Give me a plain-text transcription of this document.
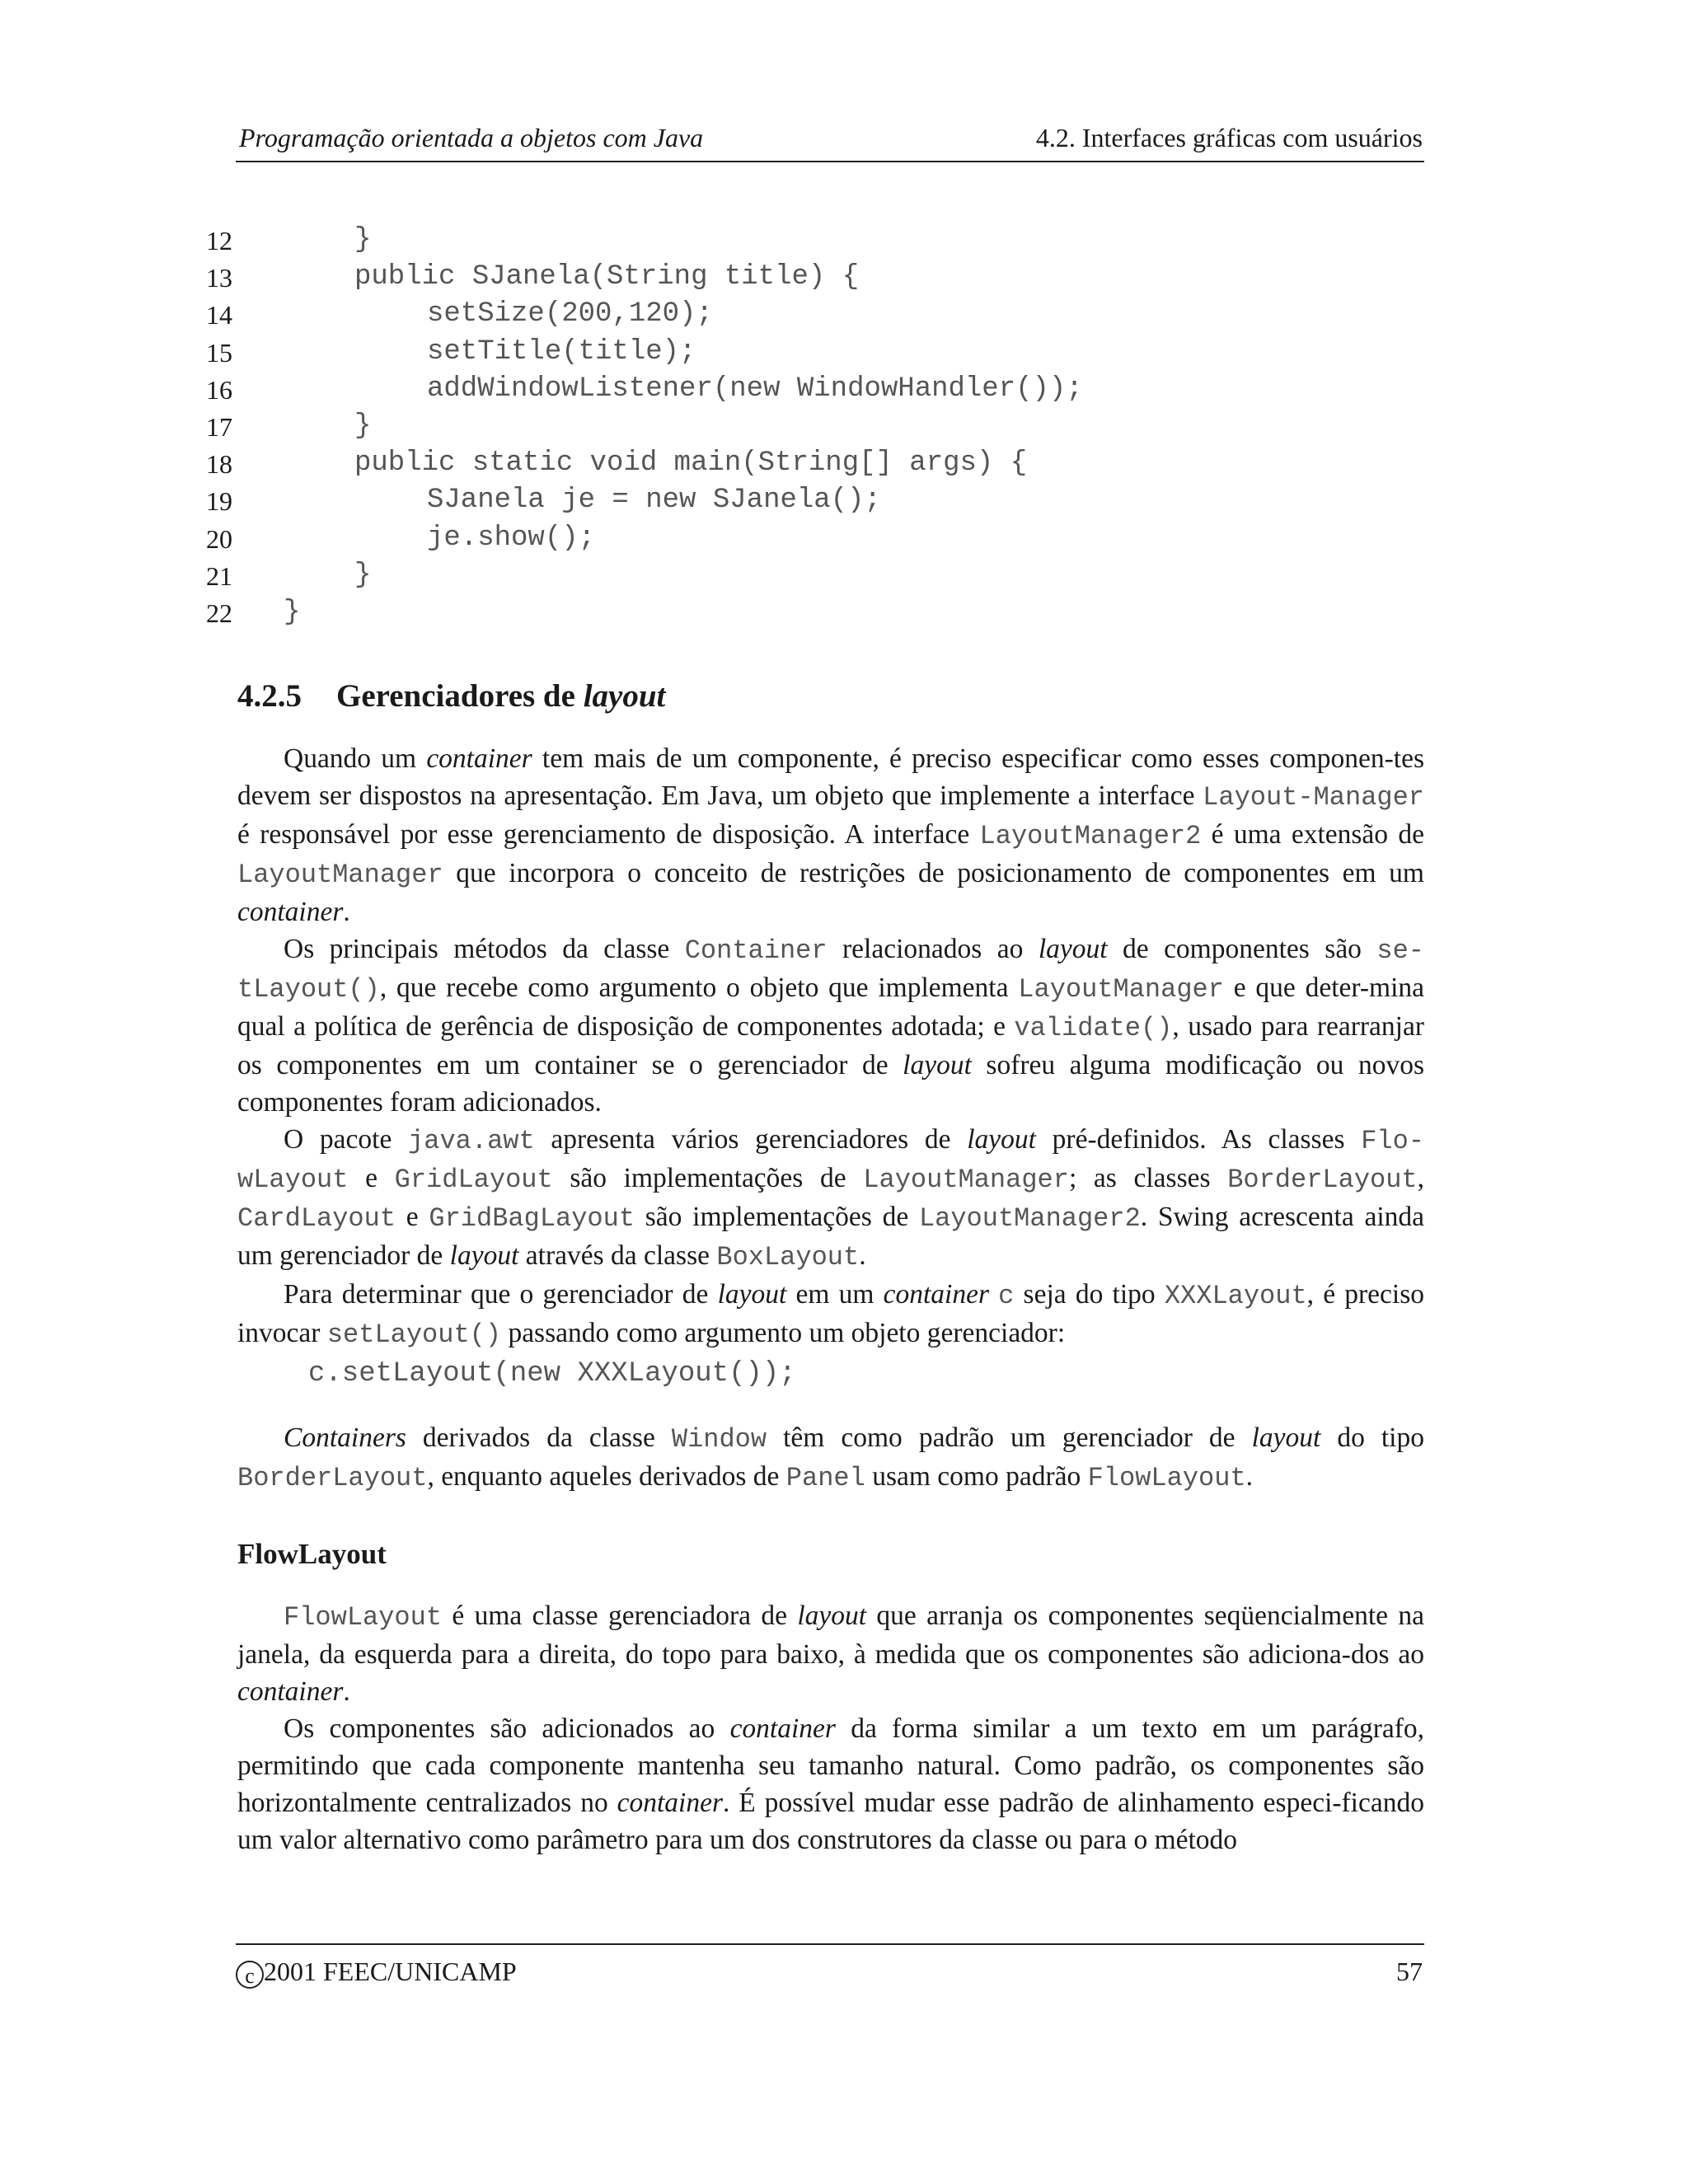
Programação orientada a objetos com Java	4.2. Interfaces gráficas com usuários
12	}
13	public SJanela(String title) {
14	setSize(200,120);
15	setTitle(title);
16	addWindowListener(new WindowHandler());
17	}
18	public static void main(String[] args) {
19	SJanela je = new SJanela();
20	je.show();
21	}
22 }
4.2.5 Gerenciadores de layout

Quando um container tem mais de um componente, é preciso especificar como esses componen-tes devem ser dispostos na apresentação. Em Java, um objeto que implemente a interface Layout-Manager é responsável por esse gerenciamento de disposição. A interface LayoutManager2 é uma extensão de LayoutManager que incorpora o conceito de restrições de posicionamento de componentes em um container.

Os principais métodos da classe Container relacionados ao layout de componentes são se-tLayout(), que recebe como argumento o objeto que implementa LayoutManager e que deter-mina qual a política de gerência de disposição de componentes adotada; e validate(), usado para rearranjar os componentes em um container se o gerenciador de layout sofreu alguma modificação ou novos componentes foram adicionados.

O pacote java.awt apresenta vários gerenciadores de layout pré-definidos. As classes Flo-wLayout e GridLayout são implementações de LayoutManager; as classes BorderLayout, CardLayout e GridBagLayout são implementações de LayoutManager2. Swing acrescenta ainda um gerenciador de layout através da classe BoxLayout.

Para determinar que o gerenciador de layout em um container c seja do tipo XXXLayout, é preciso invocar setLayout() passando como argumento um objeto gerenciador:

c.setLayout(new XXXLayout());

Containers derivados da classe Window têm como padrão um gerenciador de layout do tipo BorderLayout, enquanto aqueles derivados de Panel usam como padrão FlowLayout.

FlowLayout

FlowLayout é uma classe gerenciadora de layout que arranja os componentes seqüencialmente na janela, da esquerda para a direita, do topo para baixo, à medida que os componentes são adiciona-dos ao container.

Os componentes são adicionados ao container da forma similar a um texto em um parágrafo, permitindo que cada componente mantenha seu tamanho natural. Como padrão, os componentes são horizontalmente centralizados no container. É possível mudar esse padrão de alinhamento especi-ficando um valor alternativo como parâmetro para um dos construtores da classe ou para o método

c 2001 FEEC/UNICAMP	57
